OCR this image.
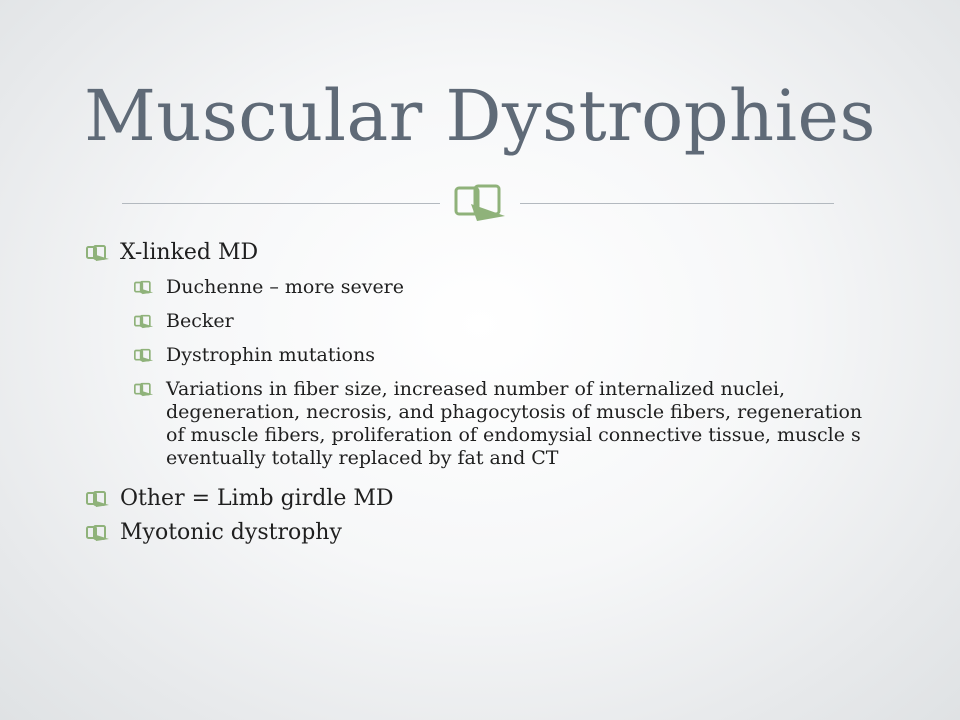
Muscular Dystrophies
X-linked MD
Duchenne – more severe
Becker
Dystrophin mutations
Variations in fiber size, increased number of internalized nuclei, degeneration, necrosis, and phagocytosis of muscle fibers, regeneration of muscle fibers, proliferation of endomysial connective tissue, muscle s eventually totally replaced by fat and CT
Other = Limb girdle MD
Myotonic dystrophy
